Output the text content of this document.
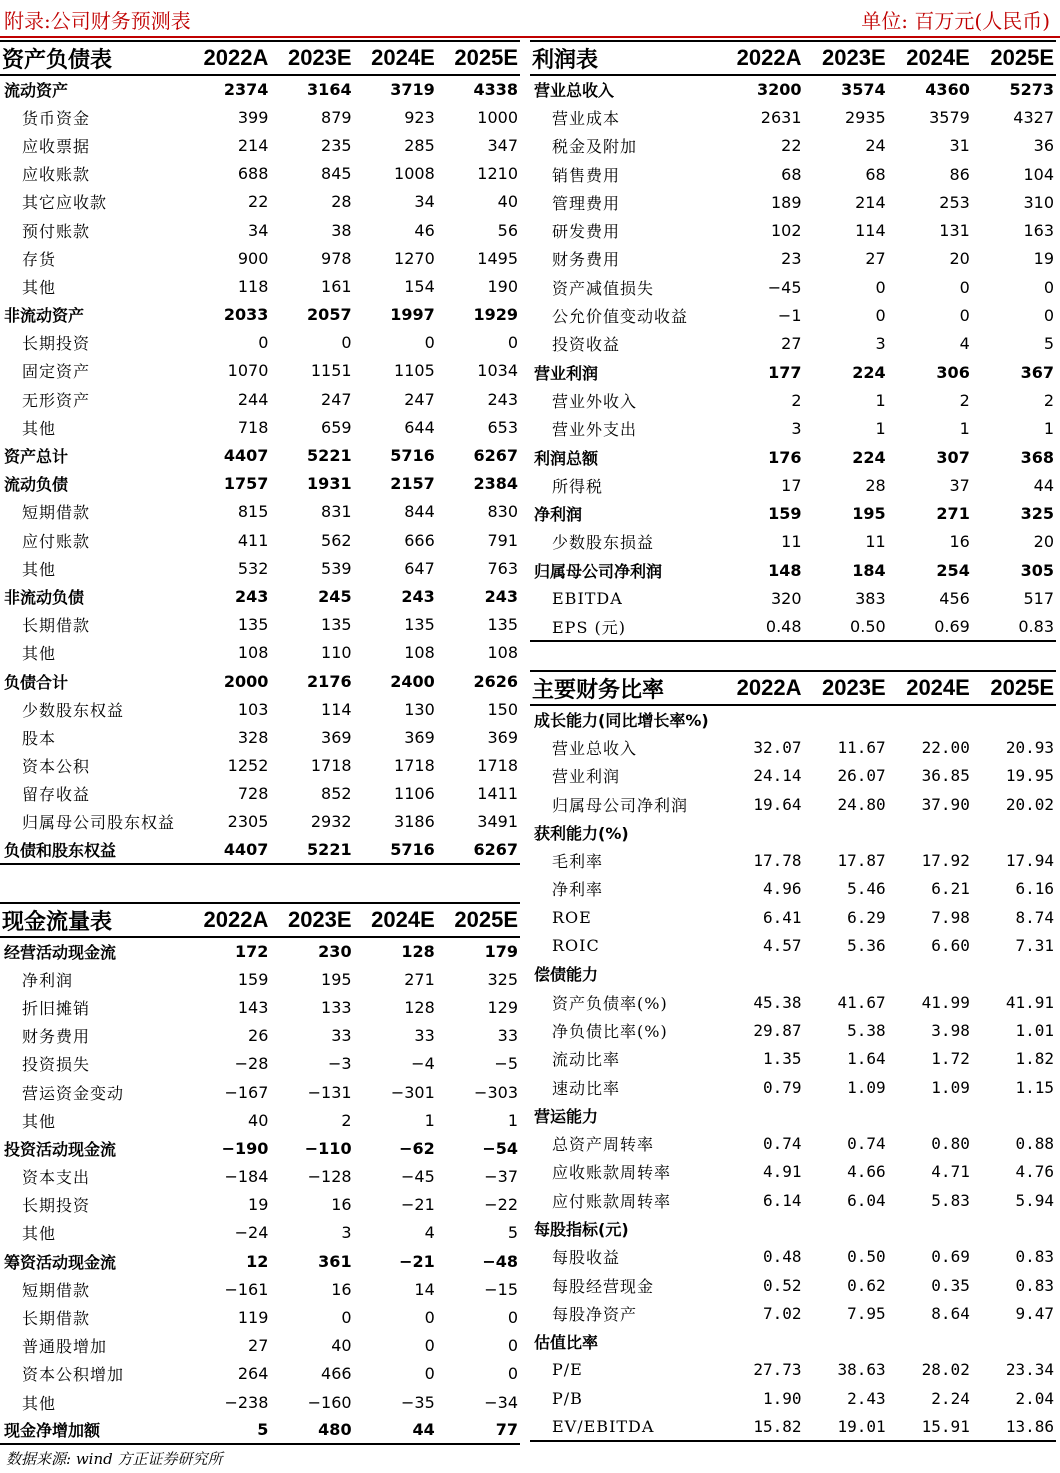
附录:公司财务预测表	单位: 百万元(人民币)
资产负债表	2022A	2023E	2024E	2025E
流动资产	2374	3164	3719	4338
货币资金	399	879	923	1000
应收票据	214	235	285	347
应收账款	688	845	1008	1210
其它应收款	22	28	34	40
预付账款	34	38	46	56
存货	900	978	1270	1495
其他	118	161	154	190
非流动资产	2033	2057	1997	1929
长期投资	0	0	0	0
固定资产	1070	1151	1105	1034
无形资产	244	247	247	243
其他	718	659	644	653
资产总计	4407	5221	5716	6267
流动负债	1757	1931	2157	2384
短期借款	815	831	844	830
应付账款	411	562	666	791
其他	532	539	647	763
非流动负债	243	245	243	243
长期借款	135	135	135	135
其他	108	110	108	108
负债合计	2000	2176	2400	2626
少数股东权益	103	114	130	150
股本	328	369	369	369
资本公积	1252	1718	1718	1718
留存收益	728	852	1106	1411
归属母公司股东权益	2305	2932	3186	3491
负债和股东权益	4407	5221	5716	6267
现金流量表	2022A	2023E	2024E	2025E
经营活动现金流	172	230	128	179
净利润	159	195	271	325
折旧摊销	143	133	128	129
财务费用	26	33	33	33
投资损失	−28	−3	−4	−5
营运资金变动	−167	−131	−301	−303
其他	40	2	1	1
投资活动现金流	−190	−110	−62	−54
资本支出	−184	−128	−45	−37
长期投资	19	16	−21	−22
其他	−24	3	4	5
筹资活动现金流	12	361	−21	−48
短期借款	−161	16	14	−15
长期借款	119	0	0	0
普通股增加	27	40	0	0
资本公积增加	264	466	0	0
其他	−238	−160	−35	−34
现金净增加额	5	480	44	77
利润表	2022A	2023E	2024E	2025E
营业总收入	3200	3574	4360	5273
营业成本	2631	2935	3579	4327
税金及附加	22	24	31	36
销售费用	68	68	86	104
管理费用	189	214	253	310
研发费用	102	114	131	163
财务费用	23	27	20	19
资产减值损失	−45	0	0	0
公允价值变动收益	−1	0	0	0
投资收益	27	3	4	5
营业利润	177	224	306	367
营业外收入	2	1	2	2
营业外支出	3	1	1	1
利润总额	176	224	307	368
所得税	17	28	37	44
净利润	159	195	271	325
少数股东损益	11	11	16	20
归属母公司净利润	148	184	254	305
EBITDA	320	383	456	517
EPS (元)	0.48	0.50	0.69	0.83
主要财务比率	2022A	2023E	2024E	2025E
成长能力(同比增长率%)				
营业总收入	32.07	11.67	22.00	20.93
营业利润	24.14	26.07	36.85	19.95
归属母公司净利润	19.64	24.80	37.90	20.02
获利能力(%)				
毛利率	17.78	17.87	17.92	17.94
净利率	4.96	5.46	6.21	6.16
ROE	6.41	6.29	7.98	8.74
ROIC	4.57	5.36	6.60	7.31
偿债能力				
资产负债率(%)	45.38	41.67	41.99	41.91
净负债比率(%)	29.87	5.38	3.98	1.01
流动比率	1.35	1.64	1.72	1.82
速动比率	0.79	1.09	1.09	1.15
营运能力				
总资产周转率	0.74	0.74	0.80	0.88
应收账款周转率	4.91	4.66	4.71	4.76
应付账款周转率	6.14	6.04	5.83	5.94
每股指标(元)				
每股收益	0.48	0.50	0.69	0.83
每股经营现金	0.52	0.62	0.35	0.83
每股净资产	7.02	7.95	8.64	9.47
估值比率				
P/E	27.73	38.63	28.02	23.34
P/B	1.90	2.43	2.24	2.04
EV/EBITDA	15.82	19.01	15.91	13.86
数据来源: wind 方正证券研究所
